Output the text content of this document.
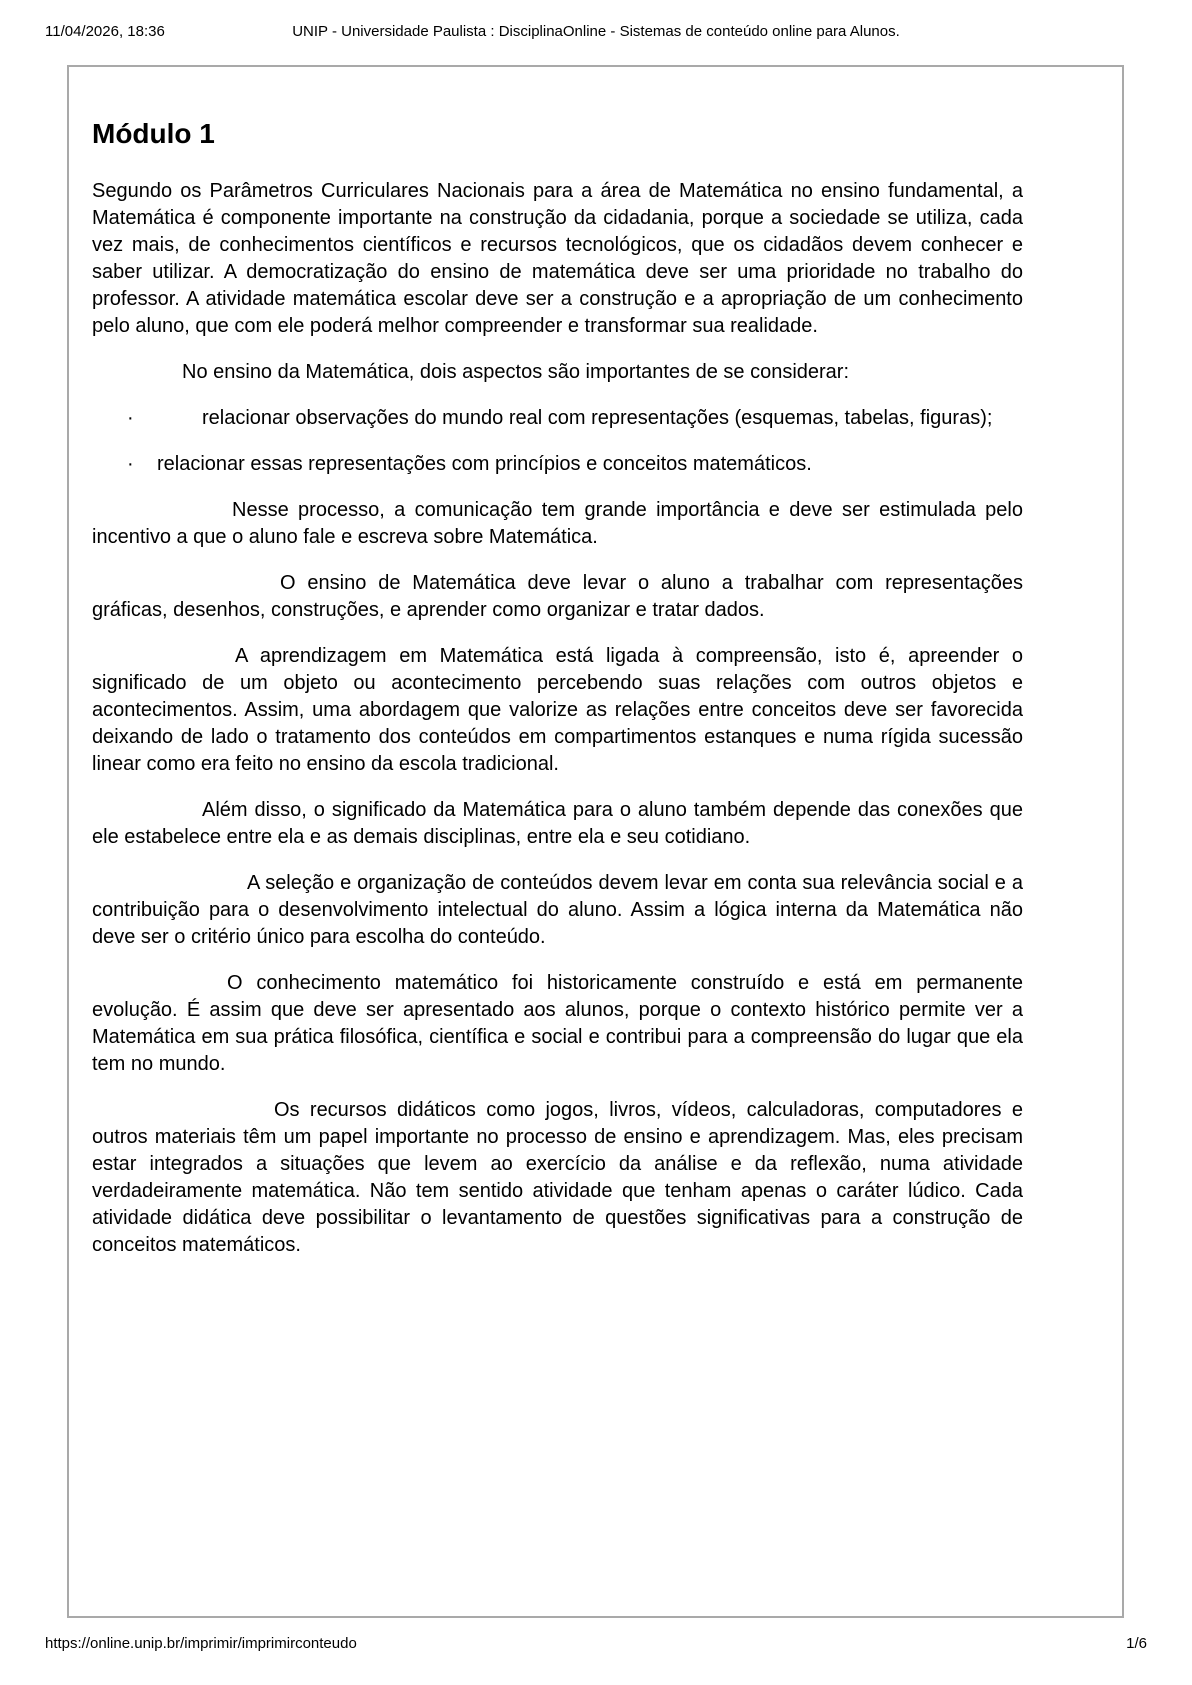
11/04/2026, 18:36	UNIP - Universidade Paulista : DisciplinaOnline - Sistemas de conteúdo online para Alunos.
Módulo 1

Segundo os Parâmetros Curriculares Nacionais para a área de Matemática no ensino fundamental, a Matemática é componente importante na construção da cidadania, porque a sociedade se utiliza, cada vez mais, de conhecimentos científicos e recursos tecnológicos, que os cidadãos devem conhecer e saber utilizar. A democratização do ensino de matemática deve ser uma prioridade no trabalho do professor. A atividade matemática escolar deve ser a construção e a apropriação de um conhecimento pelo aluno, que com ele poderá melhor compreender e transformar sua realidade.

No ensino da Matemática, dois aspectos são importantes de se considerar:

·	relacionar observações do mundo real com representações (esquemas, tabelas, figuras);

· relacionar essas representações com princípios e conceitos matemáticos.

Nesse processo, a comunicação tem grande importância e deve ser estimulada pelo incentivo a que o aluno fale e escreva sobre Matemática.

O ensino de Matemática deve levar o aluno a trabalhar com representações gráficas, desenhos, construções, e aprender como organizar e tratar dados.

A aprendizagem em Matemática está ligada à compreensão, isto é, apreender o significado de um objeto ou acontecimento percebendo suas relações com outros objetos e acontecimentos. Assim, uma abordagem que valorize as relações entre conceitos deve ser favorecida deixando de lado o tratamento dos conteúdos em compartimentos estanques e numa rígida sucessão linear como era feito no ensino da escola tradicional.

Além disso, o significado da Matemática para o aluno também depende das conexões que ele estabelece entre ela e as demais disciplinas, entre ela e seu cotidiano.

A seleção e organização de conteúdos devem levar em conta sua relevância social e a contribuição para o desenvolvimento intelectual do aluno. Assim a lógica interna da Matemática não deve ser o critério único para escolha do conteúdo.

O conhecimento matemático foi historicamente construído e está em permanente evolução. É assim que deve ser apresentado aos alunos, porque o contexto histórico permite ver a Matemática em sua prática filosófica, científica e social e contribui para a compreensão do lugar que ela tem no mundo.

Os recursos didáticos como jogos, livros, vídeos, calculadoras, computadores e outros materiais têm um papel importante no processo de ensino e aprendizagem. Mas, eles precisam estar integrados a situações que levem ao exercício da análise e da reflexão, numa atividade verdadeiramente matemática. Não tem sentido atividade que tenham apenas o caráter lúdico. Cada atividade didática deve possibilitar o levantamento de questões significativas para a construção de conceitos matemáticos.

https://online.unip.br/imprimir/imprimirconteudo	1/6
